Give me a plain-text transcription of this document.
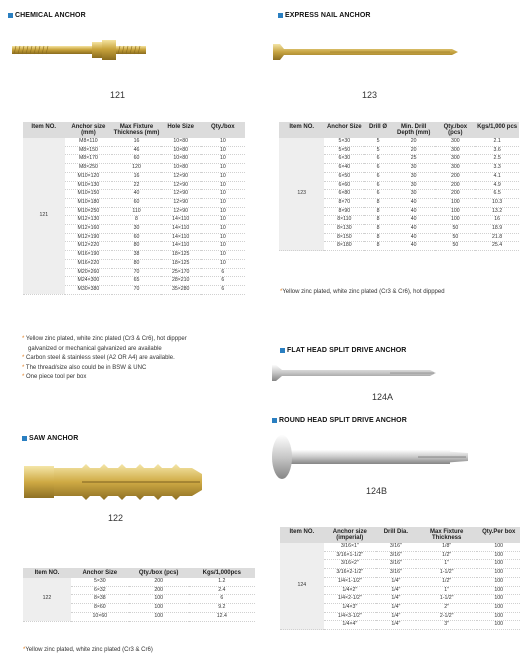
CHEMICAL ANCHOR
121
Item NO.	Anchor size (mm)	Max Fixture Thickness (mm)	Hole Size	Qty./box
121	M8×110	16	10×80	10
	M8×150	46	10×80	10
	M8×170	60	10×80	10
	M8×250	120	10×80	10
	M10×120	16	12×90	10
	M10×130	22	12×90	10
	M10×150	40	12×90	10
	M10×180	60	12×90	10
	M10×250	110	12×90	10
	M12×130	8	14×110	10
	M12×160	30	14×110	10
	M12×190	60	14×110	10
	M12×220	80	14×110	10
	M16×190	38	18×125	10
	M16×220	80	18×125	10
	M20×260	70	25×170	6
	M24×300	65	28×210	6
	M30×380	70	35×280	6
* Yellow zinc plated, white zinc plated (Cr3 & Cr6), hot dippper
galvanized or mechanical galvanized are available
* Carbon steel & stainless steel (A2 OR A4) are available.
* The thread/size also could be in BSW & UNC
* One piece tool per box
EXPRESS NAIL ANCHOR
123
Item NO.	Anchor Size	Drill Ø	Min. Drill Depth (mm)	Qty./box (pcs)	Kgs/1,000 pcs
123	5×30	5	20	300	2.1
	5×50	5	20	300	3.6
	6×30	6	25	300	2.5
	6×40	6	30	300	3.3
	6×50	6	30	200	4.1
	6×60	6	30	200	4.9
	6×80	6	30	200	6.5
	8×70	8	40	100	10.3
	8×90	8	40	100	13.2
	8×110	8	40	100	16
	8×130	8	40	50	18.9
	8×150	8	40	50	21.8
	8×180	8	40	50	25.4
*Yellow zinc plated, white zinc plated (Cr3 & Cr6), hot dippped
FLAT HEAD SPLIT DRIVE ANCHOR
124A
ROUND HEAD SPLIT DRIVE ANCHOR
124B
SAW ANCHOR
122
Item NO.	Anchor Size	Qty./box (pcs)	Kgs/1,000pcs
122	5×30	200	1.2
	6×32	200	2.4
	8×38	100	6
	8×60	100	9.2
	10×60	100	12.4
*Yellow zinc plated, white zinc plated (Cr3 & Cr6)
Item NO.	Anchor size (imperial)	Drill Dia.	Max Fixture Thickness	Qty.Per box
124	3/16×1"	3/16"	1/8"	100
	3/16×1-1/2"	3/16"	1/2"	100
	3/16×2"	3/16"	1"	100
	3/16×2-1/2"	3/16"	1-1/2"	100
	1/4×1-1/2"	1/4"	1/2"	100
	1/4×2"	1/4"	1"	100
	1/4×2-1/2"	1/4"	1-1/2"	100
	1/4×3"	1/4"	2"	100
	1/4×3-1/2"	1/4"	2-1/2"	100
	1/4×4"	1/4"	3"	100
